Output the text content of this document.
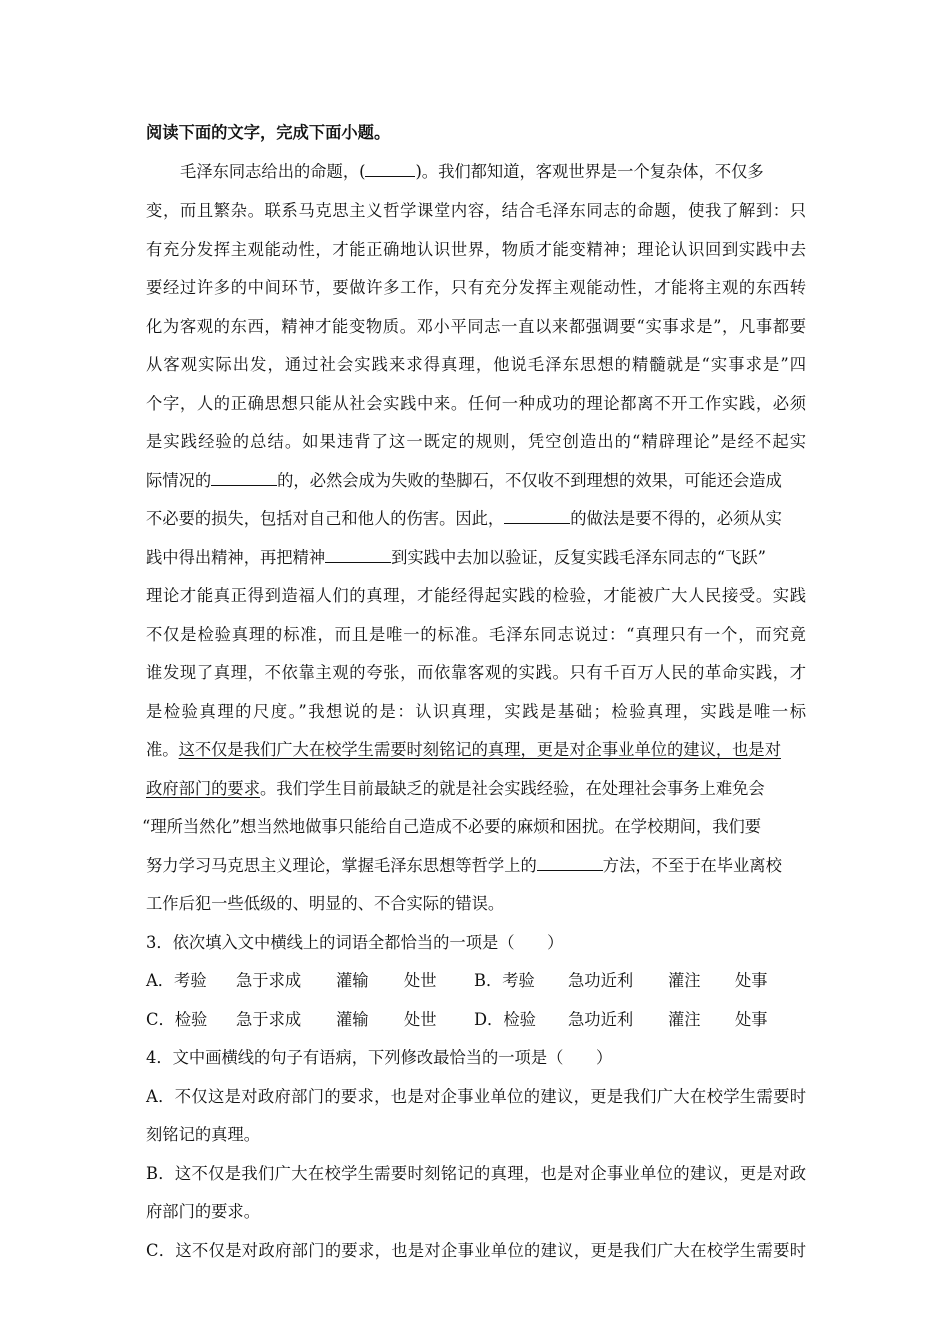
阅读下面的文字，完成下面小题。
毛泽东同志给出的命题，(	)。我们都知道，客观世界是一个复杂体，不仅多
变，而且繁杂。联系马克思主义哲学课堂内容，结合毛泽东同志的命题，使我了解到：只
有充分发挥主观能动性，才能正确地认识世界，物质才能变精神；理论认识回到实践中去
要经过许多的中间环节，要做许多工作，只有充分发挥主观能动性，才能将主观的东西转
化为客观的东西，精神才能变物质。邓小平同志一直以来都强调要“实事求是”，凡事都要
从客观实际出发，通过社会实践来求得真理，他说毛泽东思想的精髓就是“实事求是”四
个字，人的正确思想只能从社会实践中来。任何一种成功的理论都离不开工作实践，必须
是实践经验的总结。如果违背了这一既定的规则，凭空创造出的“精辟理论”是经不起实
际情况的	的，必然会成为失败的垫脚石，不仅收不到理想的效果，可能还会造成
不必要的损失，包括对自己和他人的伤害。因此，	的做法是要不得的，必须从实
践中得出精神，再把精神	到实践中去加以验证，反复实践毛泽东同志的“飞跃”
理论才能真正得到造福人们的真理，才能经得起实践的检验，才能被广大人民接受。实践
不仅是检验真理的标准，而且是唯一的标准。毛泽东同志说过：“真理只有一个，而究竟
谁发现了真理，不依靠主观的夸张，而依靠客观的实践。只有千百万人民的革命实践，才
是检验真理的尺度。”我想说的是：认识真理，实践是基础；检验真理，实践是唯一标
准。这不仅是我们广大在校学生需要时刻铭记的真理，更是对企事业单位的建议，也是对
政府部门的要求。我们学生目前最缺乏的就是社会实践经验，在处理社会事务上难免会
“理所当然化”想当然地做事只能给自己造成不必要的麻烦和困扰。在学校期间，我们要
努力学习马克思主义理论，掌握毛泽东思想等哲学上的	方法，不至于在毕业离校
工作后犯一些低级的、明显的、不合实际的错误。
3．依次填入文中横线上的词语全都恰当的一项是（　　）
A．考验 急于求成 灌输 处世 B．考验 急功近利 灌注 处事
C．检验 急于求成 灌输 处世 D．检验 急功近利 灌注 处事
4．文中画横线的句子有语病，下列修改最恰当的一项是（　　）
A．不仅这是对政府部门的要求，也是对企事业单位的建议，更是我们广大在校学生需要时
刻铭记的真理。
B．这不仅是我们广大在校学生需要时刻铭记的真理，也是对企事业单位的建议，更是对政
府部门的要求。
C．这不仅是对政府部门的要求，也是对企事业单位的建议，更是我们广大在校学生需要时
